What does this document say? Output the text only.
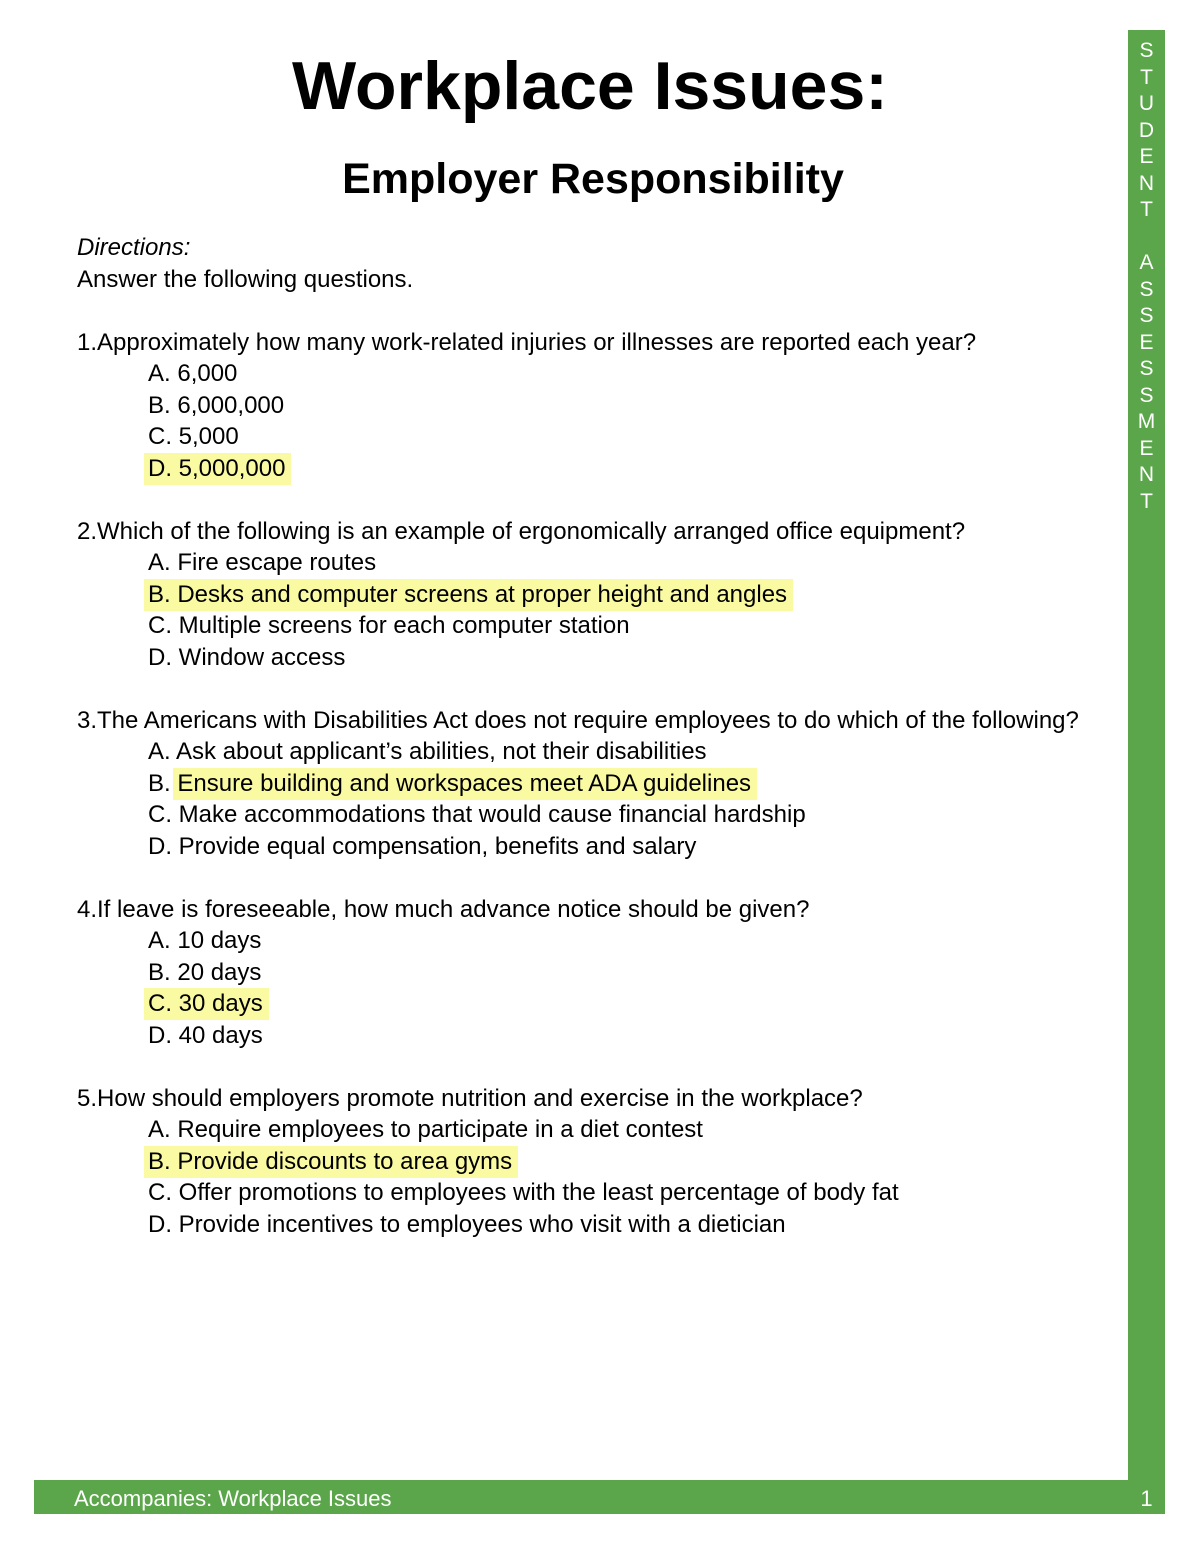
Workplace Issues:
Employer Responsibility
Directions:
Answer the following questions.
1.Approximately how many work-related injuries or illnesses are reported each year?
A. 6,000
B. 6,000,000
C. 5,000
D. 5,000,000
2.Which of the following is an example of ergonomically arranged office equipment?
A. Fire escape routes
B. Desks and computer screens at proper height and angles
C. Multiple screens for each computer station
D. Window access
3.The Americans with Disabilities Act does not require employees to do which of the following?
A. Ask about applicant’s abilities, not their disabilities
B. Ensure building and workspaces meet ADA guidelines
C. Make accommodations that would cause financial hardship
D. Provide equal compensation, benefits and salary
4.If leave is foreseeable, how much advance notice should be given?
A. 10 days
B. 20 days
C. 30 days
D. 40 days
5.How should employers promote nutrition and exercise in the workplace?
A. Require employees to participate in a diet contest
B. Provide discounts to area gyms
C. Offer promotions to employees with the least percentage of body fat
D. Provide incentives to employees who visit with a dietician
S
T
U
D
E
N
T

A
S
S
E
S
S
M
E
N
T
Accompanies: Workplace Issues	1
